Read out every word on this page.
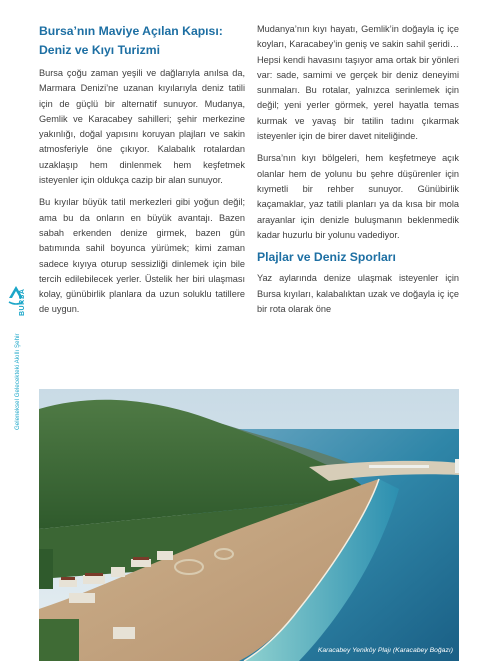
BURSA
Geleneksel Gelecekteki Akıllı Şehir
Bursa’nın Maviye Açılan Kapısı: Deniz ve Kıyı Turizmi

Bursa çoğu zaman yeşili ve dağlarıyla anılsa da, Marmara Denizi’ne uzanan kıyılarıyla deniz tatili için de güçlü bir alternatif sunuyor. Mudanya, Gemlik ve Karacabey sahilleri; şehir merkezine yakınlığı, doğal yapısını koruyan plajları ve sakin atmosferiyle öne çıkıyor. Kalabalık rotalardan uzaklaşıp hem dinlenmek hem keşfetmek isteyenler için oldukça cazip bir alan sunuyor.

Bu kıyılar büyük tatil merkezleri gibi yoğun değil; ama bu da onların en büyük avantajı. Bazen sabah erkenden denize girmek, bazen gün batımında sahil boyunca yürümek; kimi zaman sadece kıyıya oturup sessizliği dinlemek için bile tercih edilebilecek yerler. Üstelik her biri ulaşması kolay, günübirlik planlara da uzun soluklu tatillere de uygun.

Mudanya’nın kıyı hayatı, Gemlik’in doğayla iç içe koyları, Karacabey’in geniş ve sakin sahil şeridi… Hepsi kendi havasını taşıyor ama ortak bir yönleri var: sade, samimi ve gerçek bir deniz deneyimi sunmaları. Bu rotalar, yalnızca serinlemek için değil; yeni yerler görmek, yerel hayatla temas kurmak ve yavaş bir tatilin tadını çıkarmak isteyenler için de birer davet niteliğinde.

Bursa’nın kıyı bölgeleri, hem keşfetmeye açık olanlar hem de yolunu bu şehre düşürenler için kıymetli bir rehber sunuyor. Günübirlik kaçamaklar, yaz tatili planları ya da kısa bir mola arayanlar için denizle buluşmanın beklenmedik kadar huzurlu bir yolunu vadediyor.

Plajlar ve Deniz Sporları

Yaz aylarında denize ulaşmak isteyenler için Bursa kıyıları, kalabalıktan uzak ve doğayla iç içe bir rota olarak öne

Karacabey Yeniköy Plajı (Karacabey Boğazı)
